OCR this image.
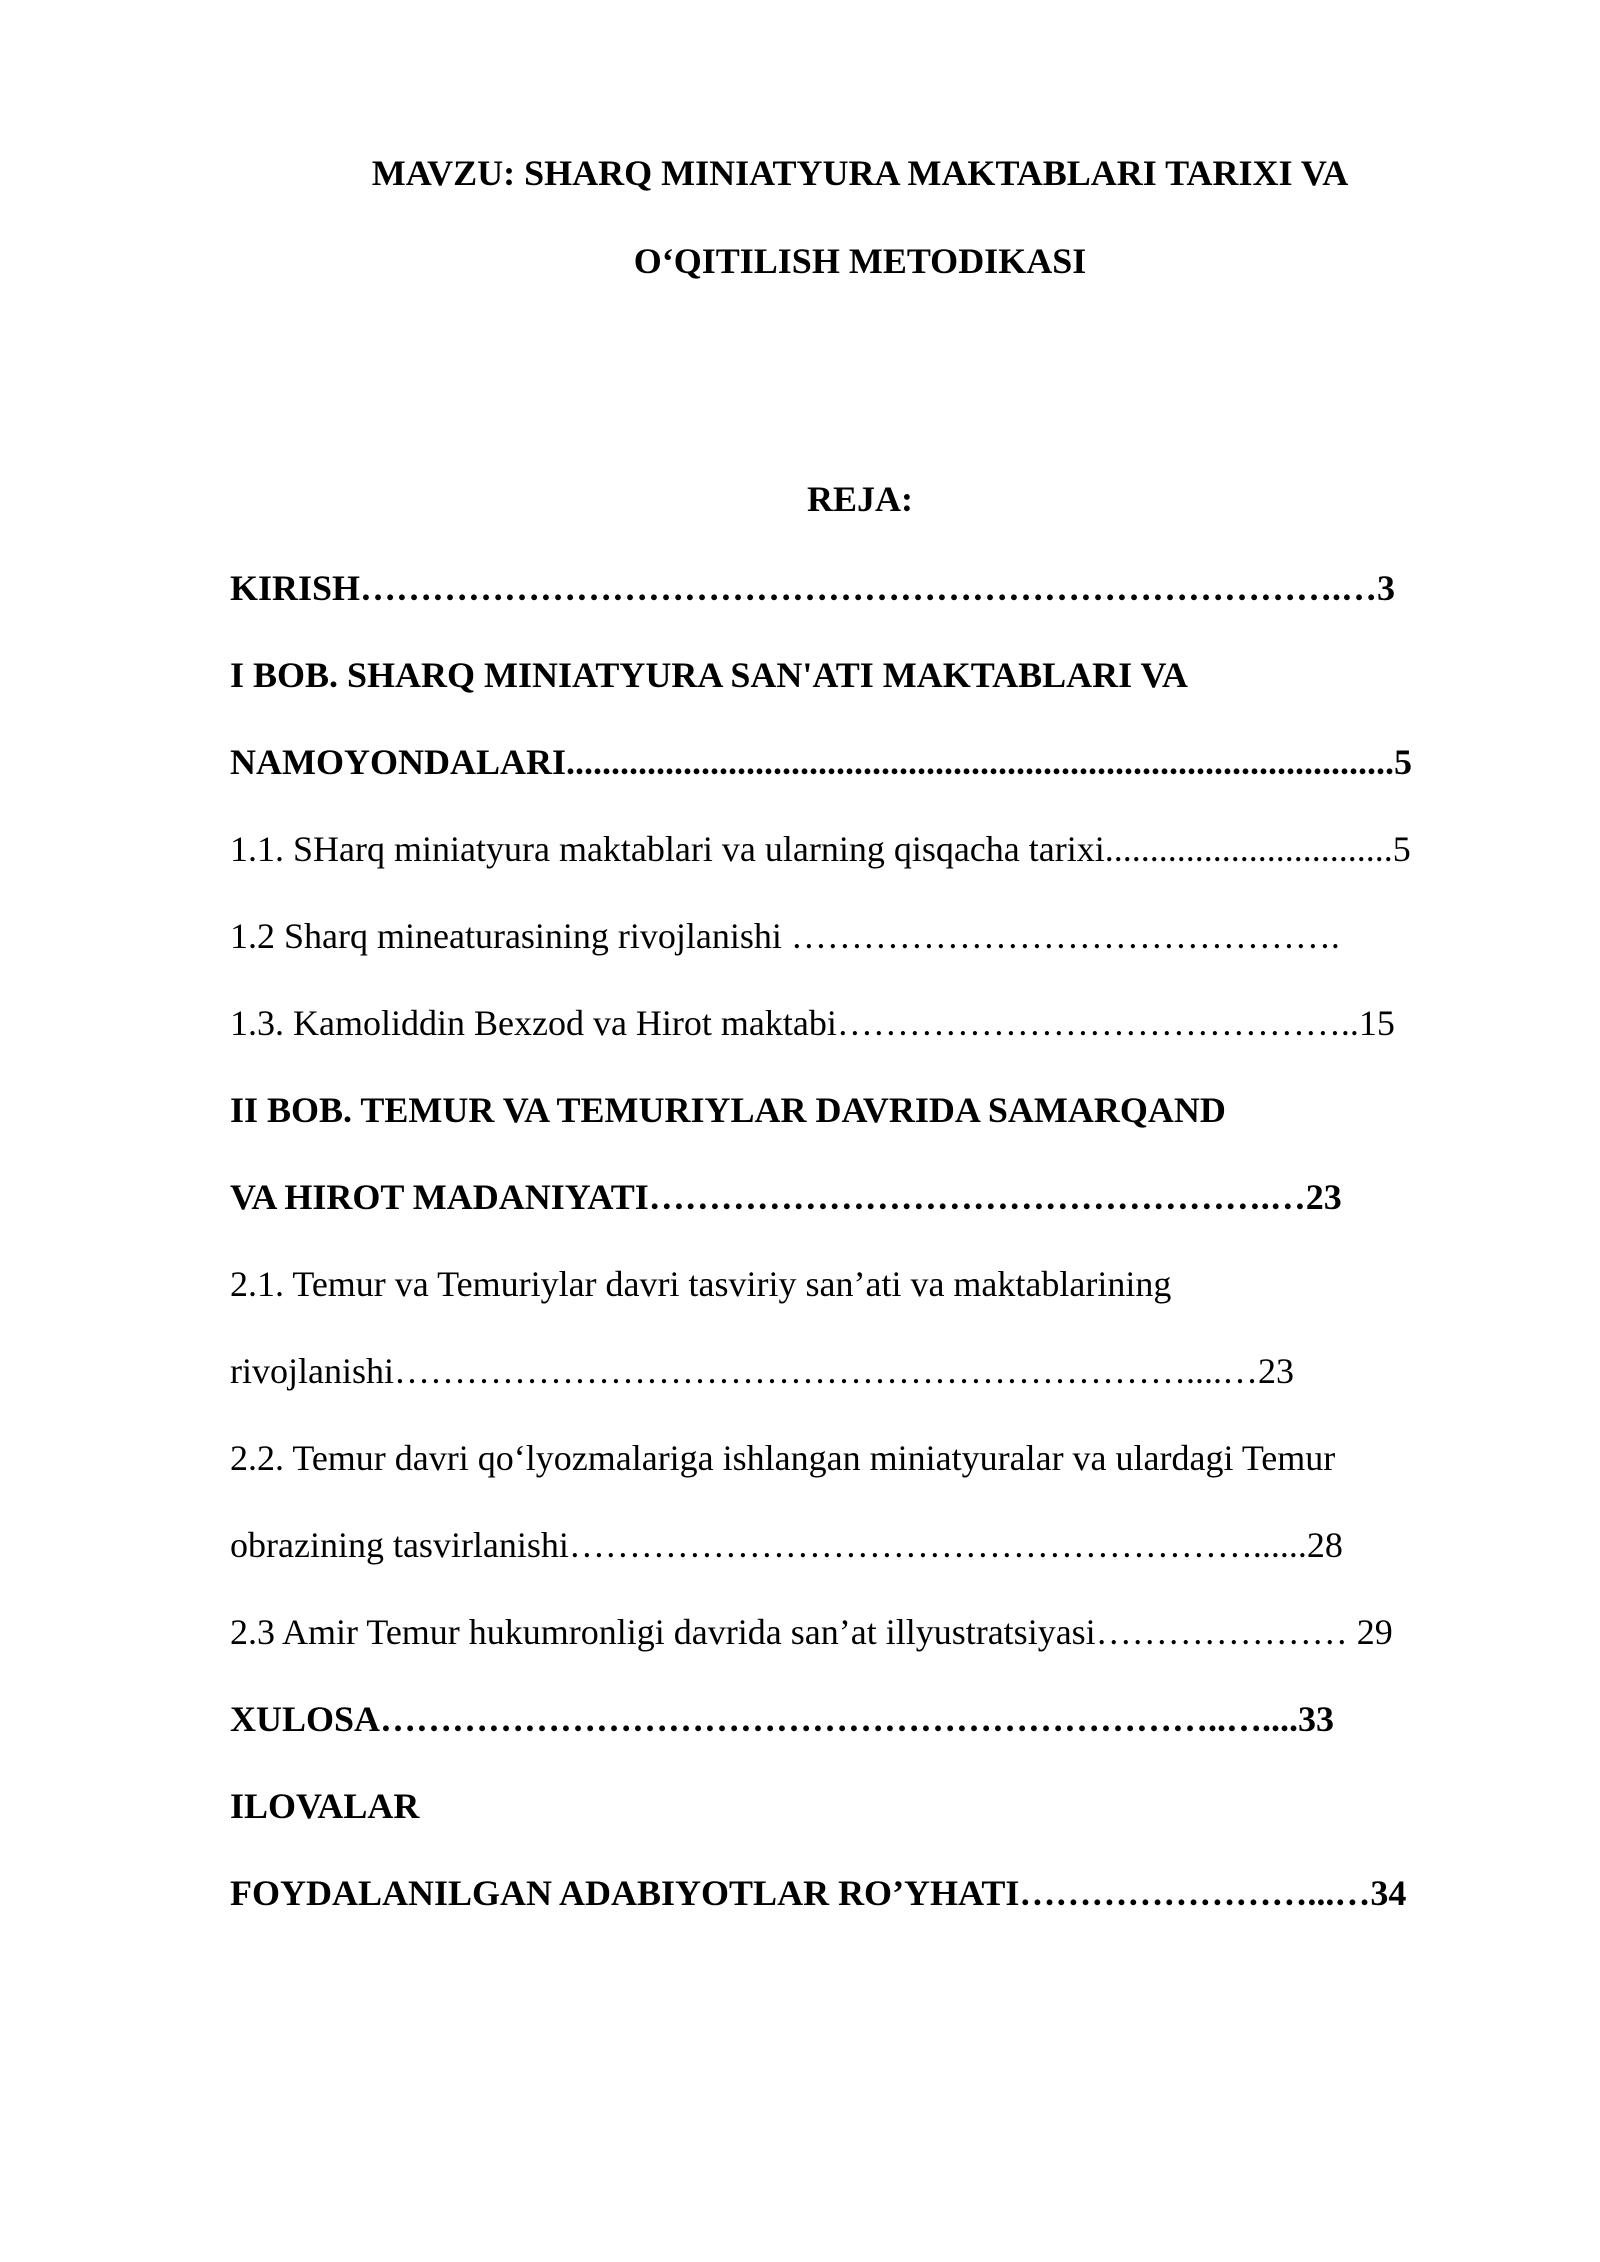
MAVZU: SHARQ MINIATYURA MAKTABLARI TARIXI VA
O‘QITILISH METODIKASI
REJA:
KIRISH……………………………………………………………………….…3
I BOB. SHARQ MINIATYURA SAN'ATI MAKTABLARI VA
NAMOYONDALARI............................................................................................5
1.1. SHarq miniatyura maktablari va ularning qisqacha tarixi................................5
1.2 Sharq mineaturasining rivojlanishi ……………………………………….
1.3. Kamoliddin Bexzod va Hirot maktabi……………………………………..15
II BOB. TEMUR VA TEMURIYLAR DAVRIDA SAMARQAND
VA HIROT MADANIYATI…………………………………………….…23
2.1. Temur va Temuriylar davri tasviriy san’ati va maktablarining
rivojlanishi…………………………………………………………....…23
2.2. Temur davri qo‘lyozmalariga ishlangan miniatyuralar va ulardagi Temur
obrazining tasvirlanishi…………………………………………………......28
2.3 Amir Temur hukumronligi davrida san’at illyustratsiyasi………………… 29
XULOSA……………………………………………………………..…....33
ILOVALAR
FOYDALANILGAN ADABIYOTLAR RO’YHATI……………………...…34
